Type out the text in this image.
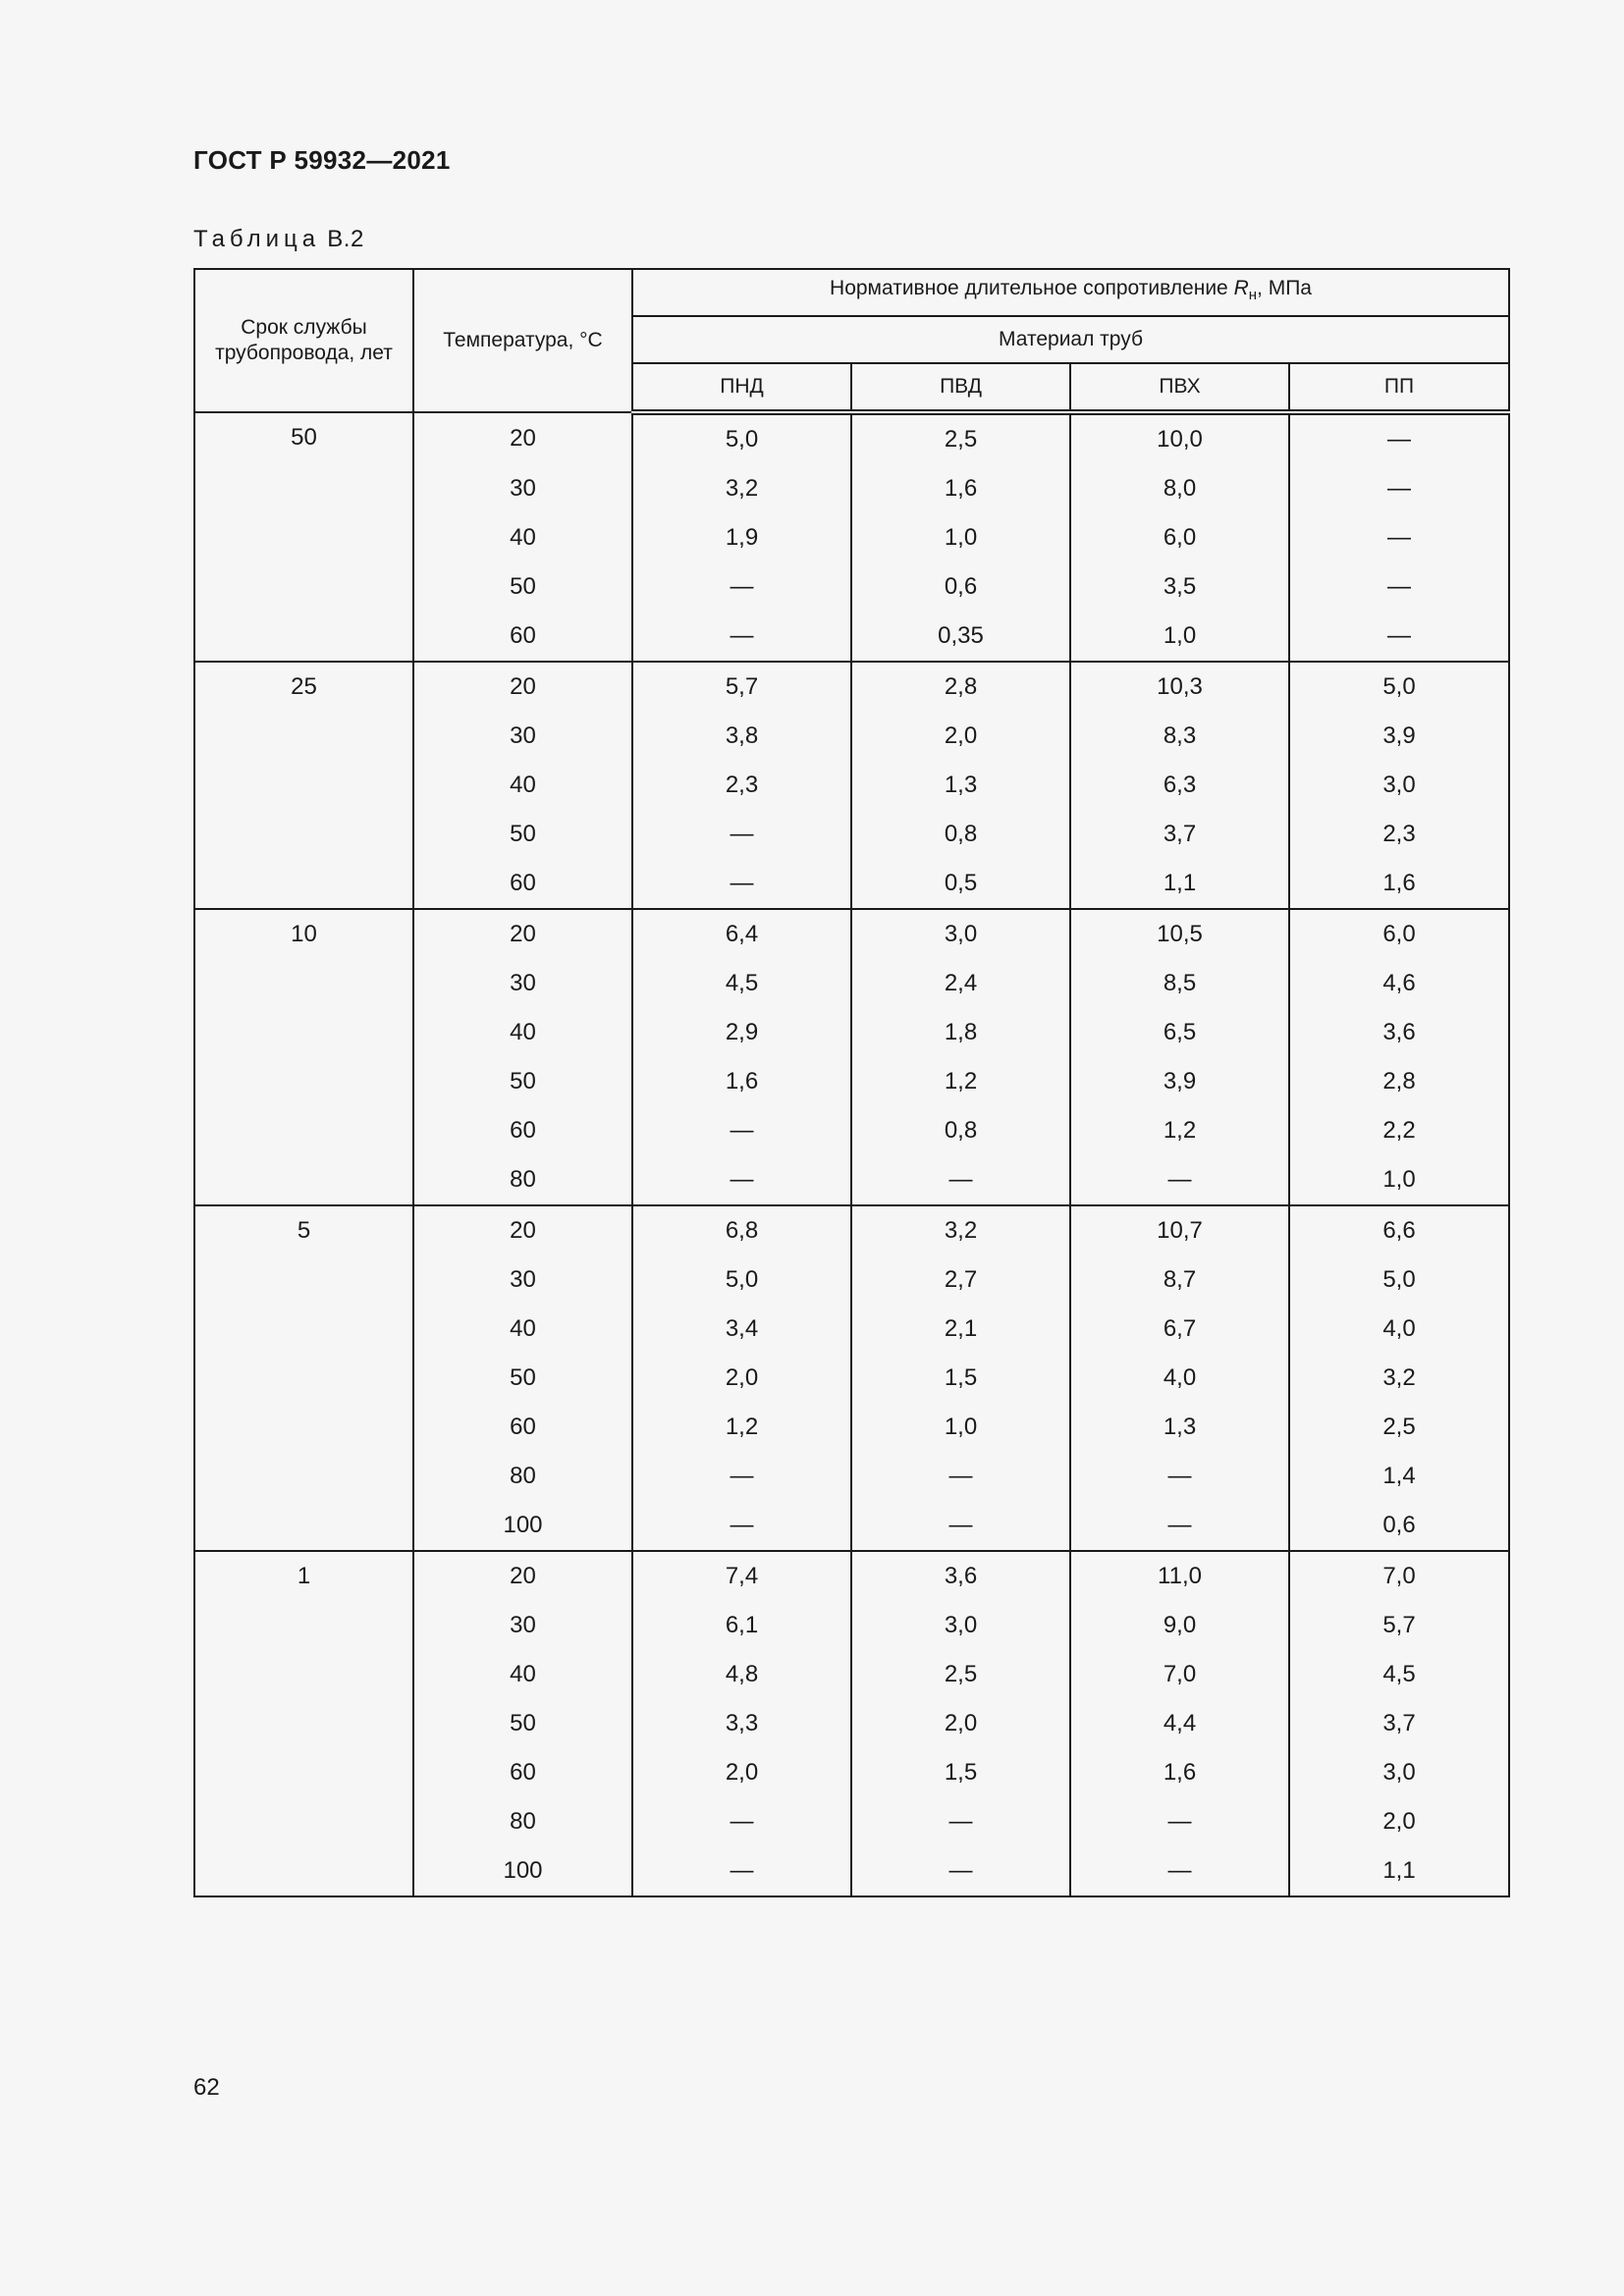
ГОСТ Р 59932—2021
Таблица В.2
Срок службы трубопровода, лет	Температура, °C	Нормативное длительное сопротивление $R_н$, МПа			
		Материал труб			
		ПНД	ПВД	ПВХ	ПП
50	20	5,0	2,5	10,0	—
	30	3,2	1,6	8,0	—
	40	1,9	1,0	6,0	—
	50	—	0,6	3,5	—
	60	—	0,35	1,0	—
25	20	5,7	2,8	10,3	5,0
	30	3,8	2,0	8,3	3,9
	40	2,3	1,3	6,3	3,0
	50	—	0,8	3,7	2,3
	60	—	0,5	1,1	1,6
10	20	6,4	3,0	10,5	6,0
	30	4,5	2,4	8,5	4,6
	40	2,9	1,8	6,5	3,6
	50	1,6	1,2	3,9	2,8
	60	—	0,8	1,2	2,2
	80	—	—	—	1,0
5	20	6,8	3,2	10,7	6,6
	30	5,0	2,7	8,7	5,0
	40	3,4	2,1	6,7	4,0
	50	2,0	1,5	4,0	3,2
	60	1,2	1,0	1,3	2,5
	80	—	—	—	1,4
	100	—	—	—	0,6
1	20	7,4	3,6	11,0	7,0
	30	6,1	3,0	9,0	5,7
	40	4,8	2,5	7,0	4,5
	50	3,3	2,0	4,4	3,7
	60	2,0	1,5	1,6	3,0
	80	—	—	—	2,0
	100	—	—	—	1,1
62
